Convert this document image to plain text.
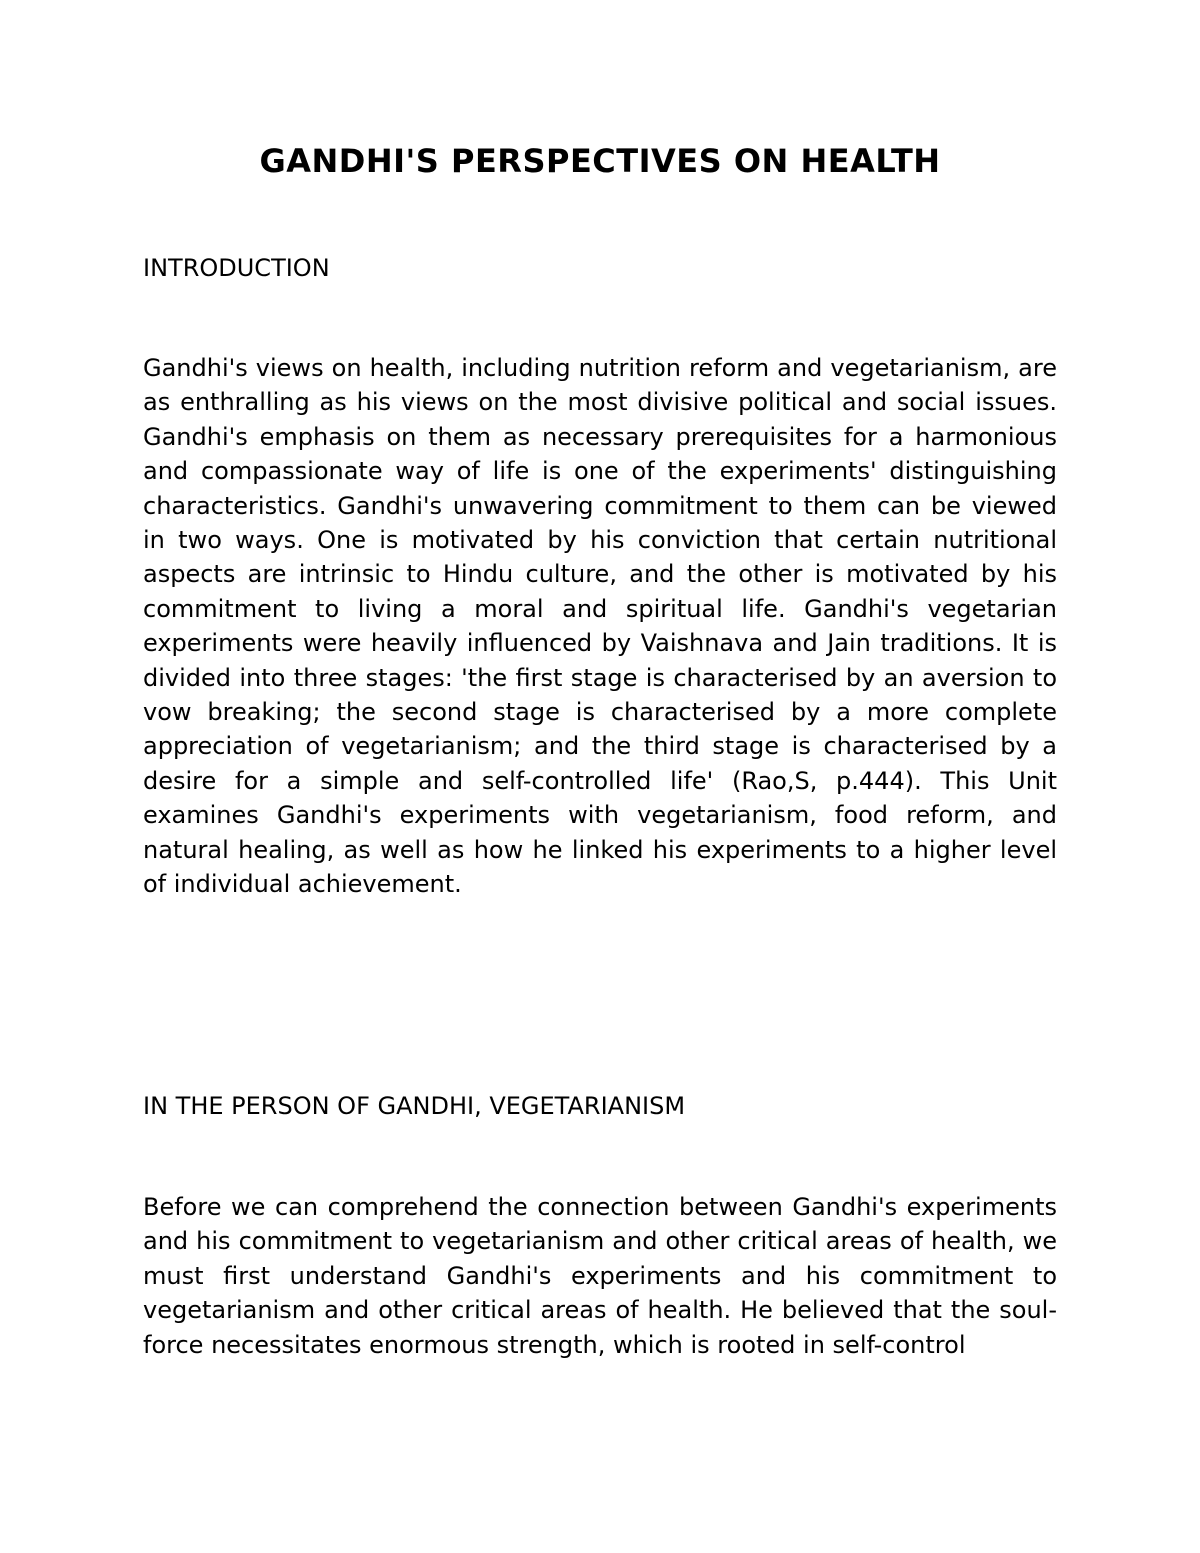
GANDHI'S PERSPECTIVES ON HEALTH
INTRODUCTION

Gandhi's views on health, including nutrition reform and vegetarianism, are as enthralling as his views on the most divisive political and social issues. Gandhi's emphasis on them as necessary prerequisites for a harmonious and compassionate way of life is one of the experiments' distinguishing characteristics. Gandhi's unwavering commitment to them can be viewed in two ways. One is motivated by his conviction that certain nutritional aspects are intrinsic to Hindu culture, and the other is motivated by his commitment to living a moral and spiritual life. Gandhi's vegetarian experiments were heavily influenced by Vaishnava and Jain traditions. It is divided into three stages: 'the first stage is characterised by an aversion to vow breaking; the second stage is characterised by a more complete appreciation of vegetarianism; and the third stage is characterised by a desire for a simple and self-controlled life' (Rao,S, p.444). This Unit examines Gandhi's experiments with vegetarianism, food reform, and natural healing, as well as how he linked his experiments to a higher level of individual achievement.

IN THE PERSON OF GANDHI, VEGETARIANISM

Before we can comprehend the connection between Gandhi's experiments and his commitment to vegetarianism and other critical areas of health, we must first understand Gandhi's experiments and his commitment to vegetarianism and other critical areas of health. He believed that the soul-force necessitates enormous strength, which is rooted in self-control
